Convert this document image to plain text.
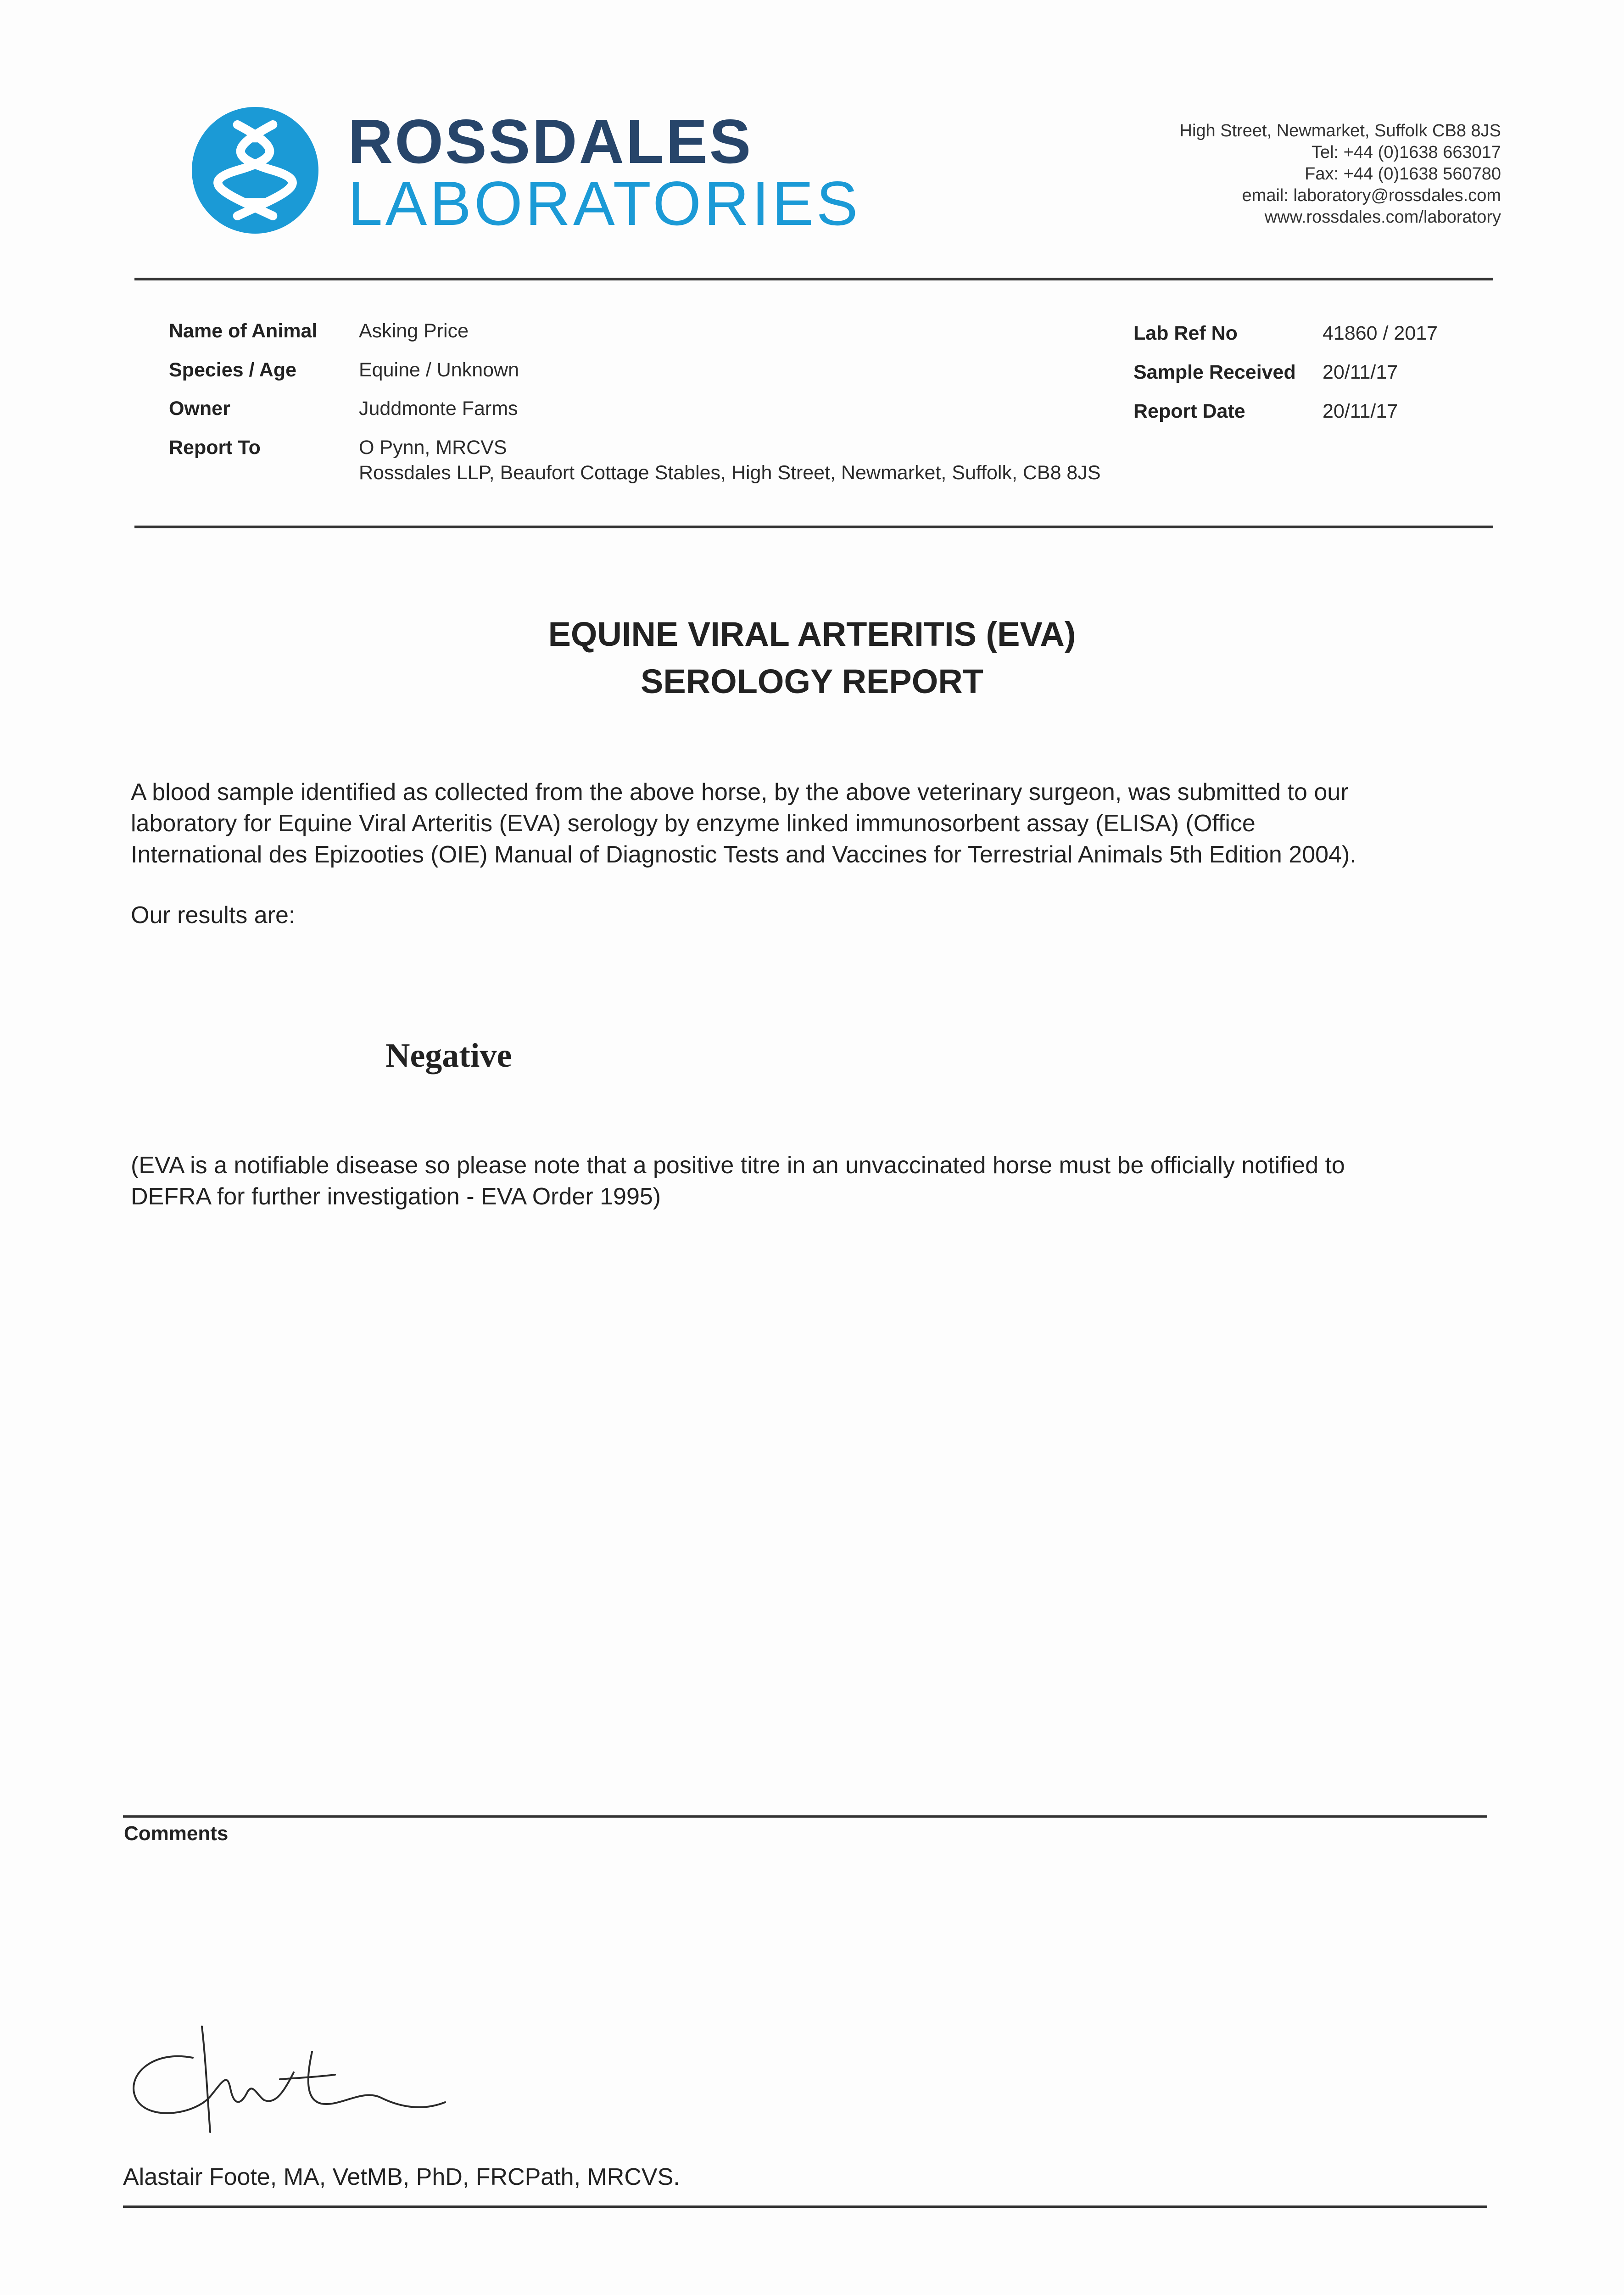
ROSSDALES
LABORATORIES
High Street, Newmarket, Suffolk CB8 8JS
Tel: +44 (0)1638 663017
Fax: +44 (0)1638 560780
email: laboratory@rossdales.com
www.rossdales.com/laboratory
Name of Animal Asking Price
Species / Age	Equine / Unknown
Owner	Juddmonte Farms
Report To	O Pynn, MRCVS
Rossdales LLP, Beaufort Cottage Stables, High Street, Newmarket, Suffolk, CB8 8JS
Lab Ref No	41860 / 2017
Sample Received 20/11/17
Report Date	20/11/17
EQUINE VIRAL ARTERITIS (EVA)
SEROLOGY REPORT
A blood sample identified as collected from the above horse, by the above veterinary surgeon, was submitted to our
laboratory for Equine Viral Arteritis (EVA) serology by enzyme linked immunosorbent assay (ELISA) (Office
International des Epizooties (OIE) Manual of Diagnostic Tests and Vaccines for Terrestrial Animals 5th Edition 2004).
Our results are:
Negative
(EVA is a notifiable disease so please note that a positive titre in an unvaccinated horse must be officially notified to
DEFRA for further investigation - EVA Order 1995)
Comments
Alastair Foote, MA, VetMB, PhD, FRCPath, MRCVS.
